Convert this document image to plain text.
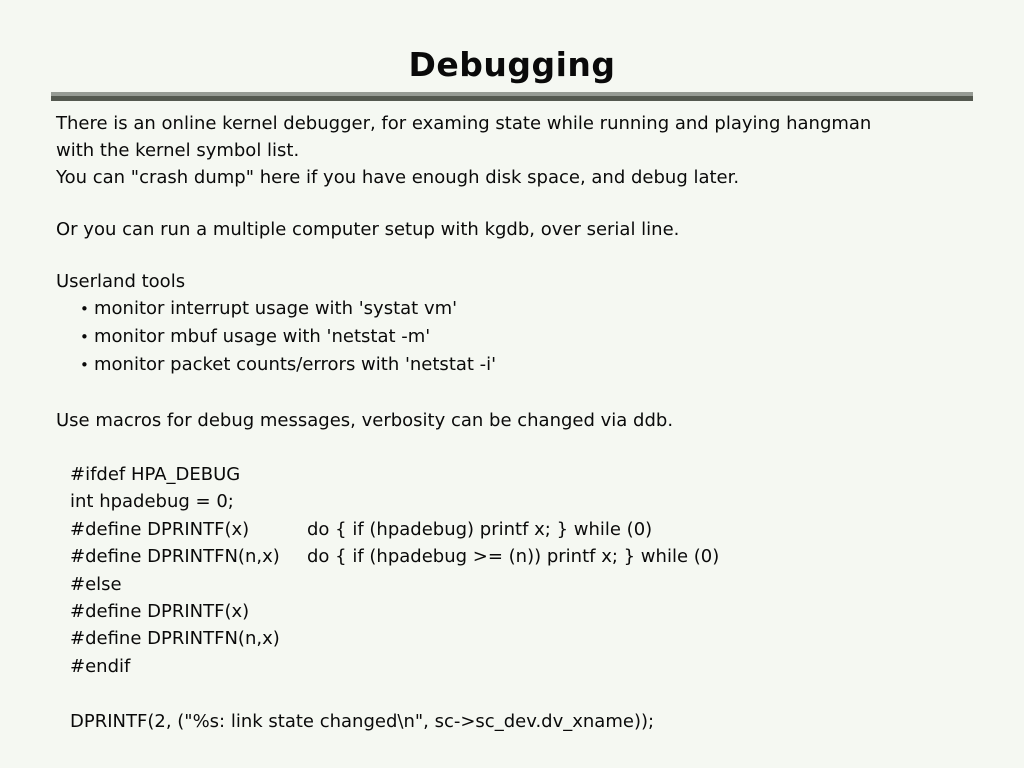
Debugging

There is an online kernel debugger, for examing state while running and playing hangman
with the kernel symbol list.
You can "crash dump" here if you have enough disk space, and debug later.

Or you can run a multiple computer setup with kgdb, over serial line.

Userland tools

• monitor interrupt usage with 'systat vm'
• monitor mbuf usage with 'netstat -m'
• monitor packet counts/errors with 'netstat -i'

Use macros for debug messages, verbosity can be changed via ddb.

#ifdef HPA_DEBUG
int hpadebug = 0;
#define DPRINTF(x)	do { if (hpadebug) printf x; } while (0)
#define DPRINTFN(n,x)	do { if (hpadebug >= (n)) printf x; } while (0)
#else
#define DPRINTF(x)
#define DPRINTFN(n,x)
#endif
DPRINTF(2, ("%s: link state changed\n", sc->sc_dev.dv_xname));
